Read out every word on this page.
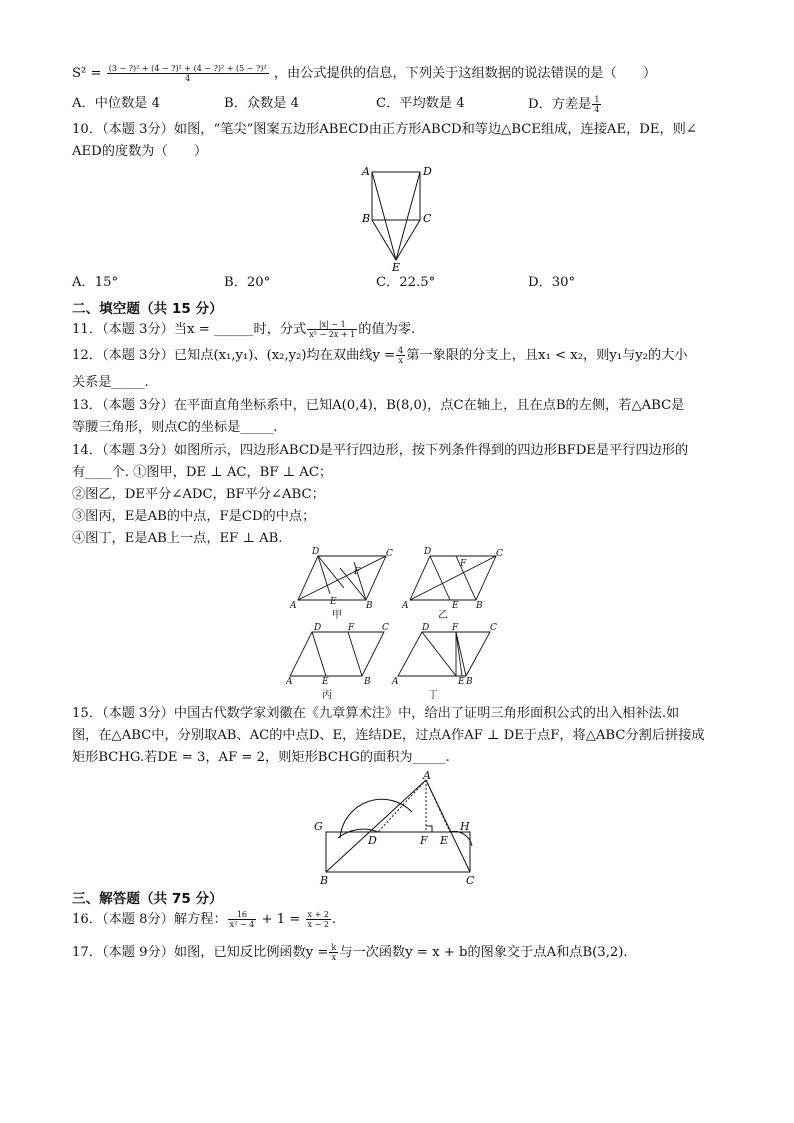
$S^2 = \frac{\text{(3 − ?)² + (4 − ?)² + (4 − ?)² + (5 − ?)²}}{4}$ ，由公式提供的信息，下列关于这组数据的说法错误的是（　　）
A．中位数是 4	B．众数是 4	C．平均数是 4	D．方差是 $\frac{1}{4}$
10．（本题 3分）如图，“笔尖”图案五边形ABECD由正方形ABCD和等边△BCE组成，连接AE，DE，则∠
AED的度数为（　　）
A	D
B	C
E
A．15°	B．20°	C．22.5°	D．30°
二、填空题（共 15 分）
11．（本题 3分）当x = ______时，分式 $\frac{|x| - 1}{\text{x² − 2x + 1}}$ 的值为零.
12．（本题 3分）已知点(x₁,y₁)、(x₂,y₂)均在双曲线$y = \frac{4}{x}$ 第一象限的分支上，且x₁ < x₂，则y₁与y₂的大小
关系是_____.
13．（本题 3分）在平面直角坐标系中，已知A(0,4)，B(8,0)，点C在轴上，且在点B的左侧，若△ABC是
等腰三角形，则点C的坐标是_____.
14．（本题 3分）如图所示，四边形ABCD是平行四边形，按下列条件得到的四边形BFDE是平行四边形的
有____个. ①图甲，DE ⊥ AC，BF ⊥ AC；
②图乙，DE平分∠ADC，BF平分∠ABC；
③图丙，E是AB的中点，F是CD的中点；
④图丁，E是AB上一点，EF ⊥ AB.
A	B
C
D
E
F
A	B
C
D
E
F
A	B
C
D
E
F
A	E B
C
D	F
甲	乙
丙	丁
15．（本题 3分）中国古代数学家刘徽在《九章算术注》中，给出了证明三角形面积公式的出入相补法.如
图，在△ABC中，分别取AB、AC的中点D、E，连结DE，过点A作AF ⊥ DE于点F，将△ABC分割后拼接成
矩形BCHG.若DE = 3，AF = 2，则矩形BCHG的面积为_____.
A
G
D	F E
H
B	C
三、解答题（共 75 分）
16．（本题 8分）解方程： $\frac{16}{\text{x² − 4}} + 1 = \frac{x + 2}{x - 2}$ .
17．（本题 9分）如图，已知反比例函数$y = \frac{k}{x}$ 与一次函数y = x + b的图象交于点A和点B(3,2).
